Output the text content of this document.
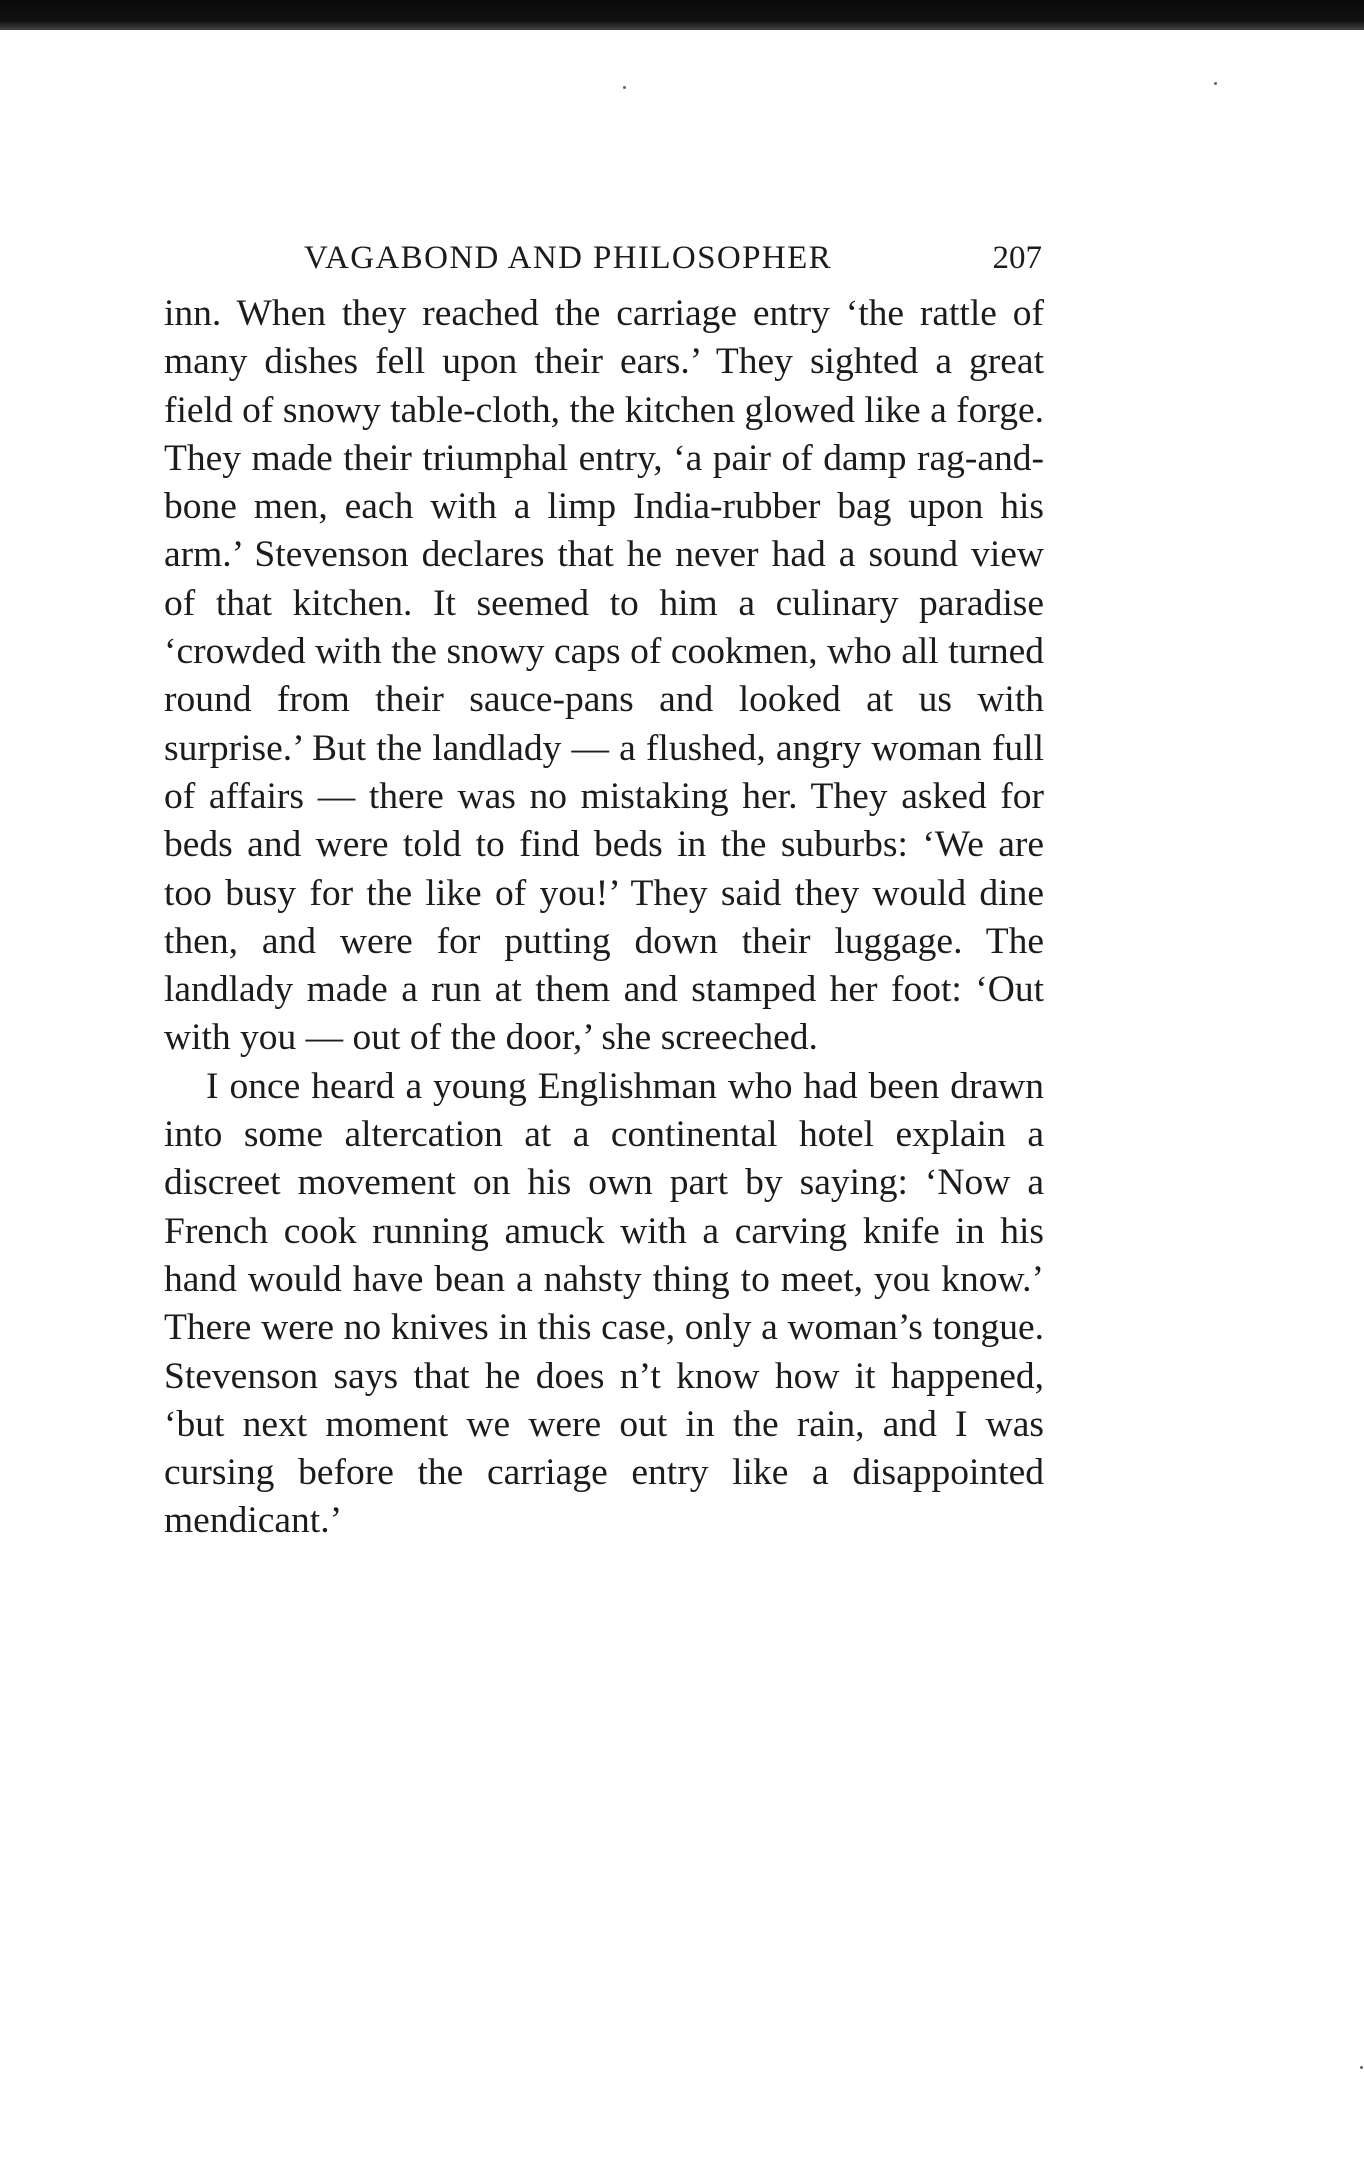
VAGABOND AND PHILOSOPHER	207

inn. When they reached the carriage entry ‘the rattle of many dishes fell upon their ears.’ They sighted a great field of snowy table-cloth, the kitchen glowed like a forge. They made their triumphal entry, ‘a pair of damp rag-and-bone men, each with a limp India-rubber bag upon his arm.’ Stevenson declares that he never had a sound view of that kitchen. It seemed to him a culinary paradise ‘crowded with the snowy caps of cookmen, who all turned round from their sauce-pans and looked at us with surprise.’ But the landlady — a flushed, angry woman full of affairs — there was no mistaking her. They asked for beds and were told to find beds in the suburbs: ‘We are too busy for the like of you!’ They said they would dine then, and were for putting down their luggage. The landlady made a run at them and stamped her foot: ‘Out with you — out of the door,’ she screeched.

I once heard a young Englishman who had been drawn into some altercation at a continental hotel explain a discreet movement on his own part by saying: ‘Now a French cook running amuck with a carving knife in his hand would have bean a nahsty thing to meet, you know.’ There were no knives in this case, only a woman’s tongue. Stevenson says that he does n’t know how it happened, ‘but next moment we were out in the rain, and I was cursing before the carriage entry like a disappointed mendicant.’
